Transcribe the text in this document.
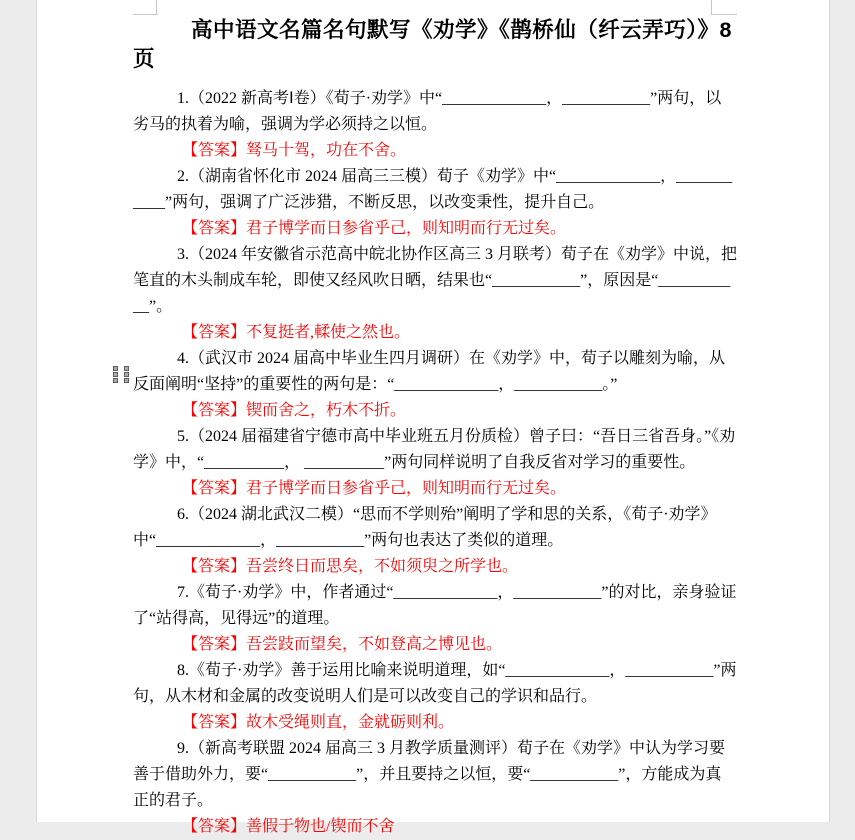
高中语文名篇名句默写《劝学》《鹊桥仙（纤云弄巧）》8 页

1.（2022 新高考Ⅰ卷）《荀子·劝学》中“_____________，___________”两句，以劣马的执着为喻，强调为学必须持之以恒。

【答案】驽马十驾，功在不舍。

2.（湖南省怀化市 2024 届高三三模）荀子《劝学》中“_____________，___________”两句，强调了广泛涉猎，不断反思，以改变秉性，提升自己。

【答案】君子博学而日参省乎己，则知明而行无过矣。

3.（2024 年安徽省示范高中皖北协作区高三 3 月联考）荀子在《劝学》中说，把笔直的木头制成车轮，即使又经风吹日晒，结果也“___________”，原因是“___________”。

【答案】不复挺者,輮使之然也。

4.（武汉市 2024 届高中毕业生四月调研）在《劝学》中，荀子以雕刻为喻，从反面阐明“坚持”的重要性的两句是：“_____________，___________。”

【答案】锲而舍之，朽木不折。

5.（2024 届福建省宁德市高中毕业班五月份质检）曾子曰：“吾日三省吾身。”《劝学》中，“__________， __________”两句同样说明了自我反省对学习的重要性。

【答案】君子博学而日参省乎己，则知明而行无过矣。

6.（2024 湖北武汉二模）“思而不学则殆”阐明了学和思的关系，《荀子·劝学》中“_____________，___________”两句也表达了类似的道理。

【答案】吾尝终日而思矣，不如须臾之所学也。

7.《荀子·劝学》中，作者通过“_____________，___________”的对比，亲身验证了“站得高，见得远”的道理。

【答案】吾尝跂而望矣，不如登高之博见也。

8.《荀子·劝学》善于运用比喻来说明道理，如“_____________，___________”两句，从木材和金属的改变说明人们是可以改变自己的学识和品行。

【答案】故木受绳则直，金就砺则利。

9.（新高考联盟 2024 届高三 3 月教学质量测评）荀子在《劝学》中认为学习要善于借助外力，要“___________”，并且要持之以恒，要“___________”，方能成为真正的君子。

【答案】善假于物也/锲而不舍
